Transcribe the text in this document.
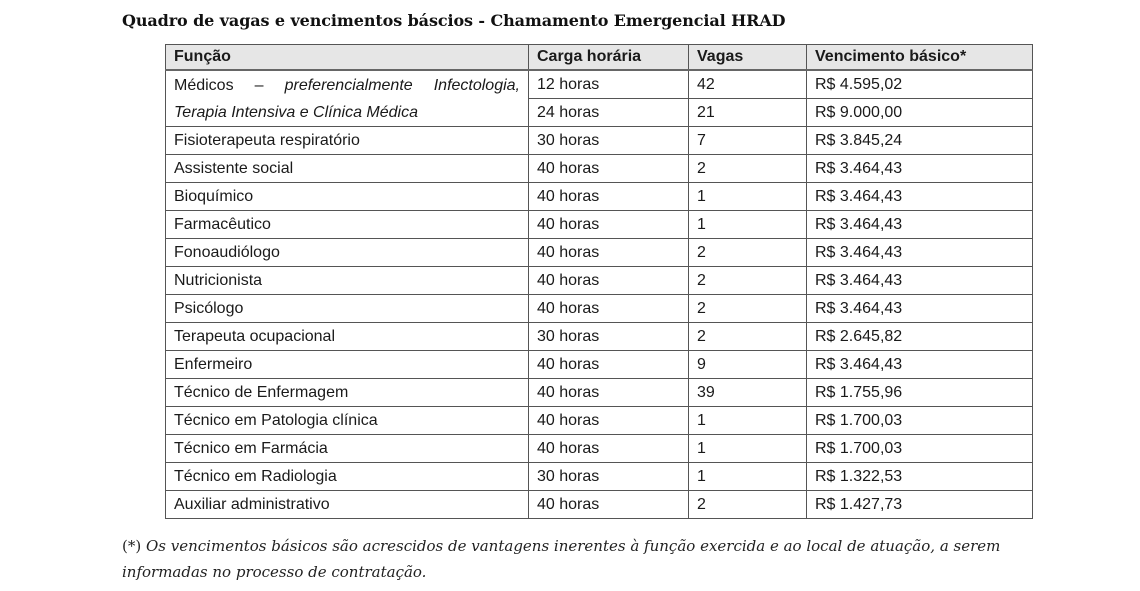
Quadro de vagas e vencimentos báscios - Chamamento Emergencial HRAD
Função	Carga horária	Vagas	Vencimento básico*

Médicos – preferencialmente Infectologia,
Terapia Intensiva e Clínica Médica	12 horas	42	R$ 4.595,02
	24 horas	21	R$ 9.000,00
Fisioterapeuta respiratório	30 horas	7	R$ 3.845,24
Assistente social	40 horas	2	R$ 3.464,43
Bioquímico	40 horas	1	R$ 3.464,43
Farmacêutico	40 horas	1	R$ 3.464,43
Fonoaudiólogo	40 horas	2	R$ 3.464,43
Nutricionista	40 horas	2	R$ 3.464,43
Psicólogo	40 horas	2	R$ 3.464,43
Terapeuta ocupacional	30 horas	2	R$ 2.645,82
Enfermeiro	40 horas	9	R$ 3.464,43
Técnico de Enfermagem	40 horas	39	R$ 1.755,96
Técnico em Patologia clínica	40 horas	1	R$ 1.700,03
Técnico em Farmácia	40 horas	1	R$ 1.700,03
Técnico em Radiologia	30 horas	1	R$ 1.322,53
Auxiliar administrativo	40 horas	2	R$ 1.427,73
(*) Os vencimentos básicos são acrescidos de vantagens inerentes à função exercida e ao local de atuação, a serem informadas no processo de contratação.
